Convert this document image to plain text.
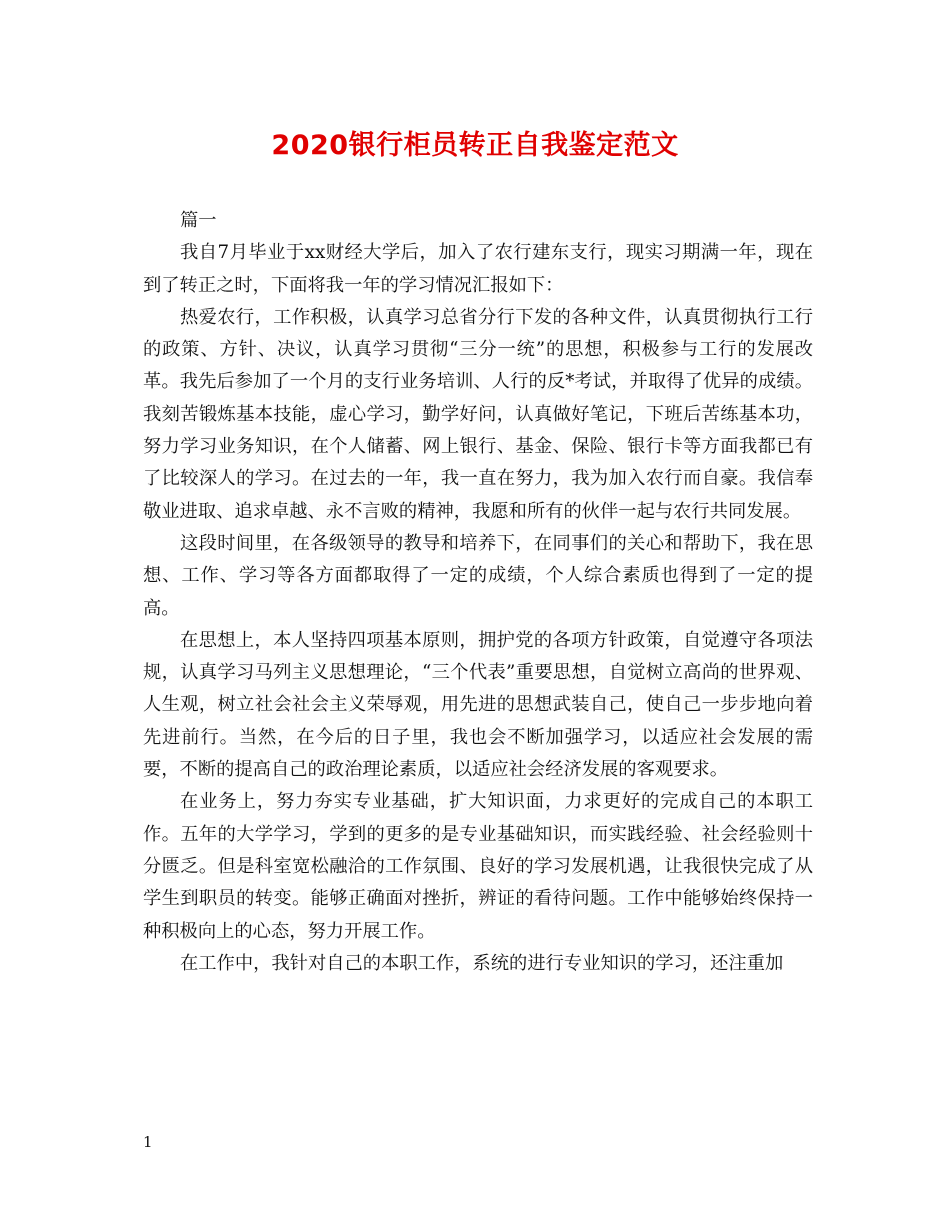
2020银行柜员转正自我鉴定范文

篇一

我自7月毕业于xx财经大学后，加入了农行建东支行，现实习期满一年，现在到了转正之时，下面将我一年的学习情况汇报如下：

热爱农行，工作积极，认真学习总省分行下发的各种文件，认真贯彻执行工行的政策、方针、决议，认真学习贯彻“三分一统”的思想，积极参与工行的发展改革。我先后参加了一个月的支行业务培训、人行的反*考试，并取得了优异的成绩。我刻苦锻炼基本技能，虚心学习，勤学好问，认真做好笔记，下班后苦练基本功，努力学习业务知识，在个人储蓄、网上银行、基金、保险、银行卡等方面我都已有了比较深人的学习。在过去的一年，我一直在努力，我为加入农行而自豪。我信奉敬业进取、追求卓越、永不言败的精神，我愿和所有的伙伴一起与农行共同发展。

这段时间里，在各级领导的教导和培养下，在同事们的关心和帮助下，我在思想、工作、学习等各方面都取得了一定的成绩，个人综合素质也得到了一定的提高。

在思想上，本人坚持四项基本原则，拥护党的各项方针政策，自觉遵守各项法规，认真学习马列主义思想理论，“三个代表”重要思想，自觉树立高尚的世界观、人生观，树立社会社会主义荣辱观，用先进的思想武装自己，使自己一步步地向着先进前行。当然，在今后的日子里，我也会不断加强学习，以适应社会发展的需要，不断的提高自己的政治理论素质，以适应社会经济发展的客观要求。

在业务上，努力夯实专业基础，扩大知识面，力求更好的完成自己的本职工作。五年的大学学习，学到的更多的是专业基础知识，而实践经验、社会经验则十分匮乏。但是科室宽松融洽的工作氛围、良好的学习发展机遇，让我很快完成了从学生到职员的转变。能够正确面对挫折，辨证的看待问题。工作中能够始终保持一种积极向上的心态，努力开展工作。

在工作中，我针对自己的本职工作，系统的进行专业知识的学习，还注重加

1
